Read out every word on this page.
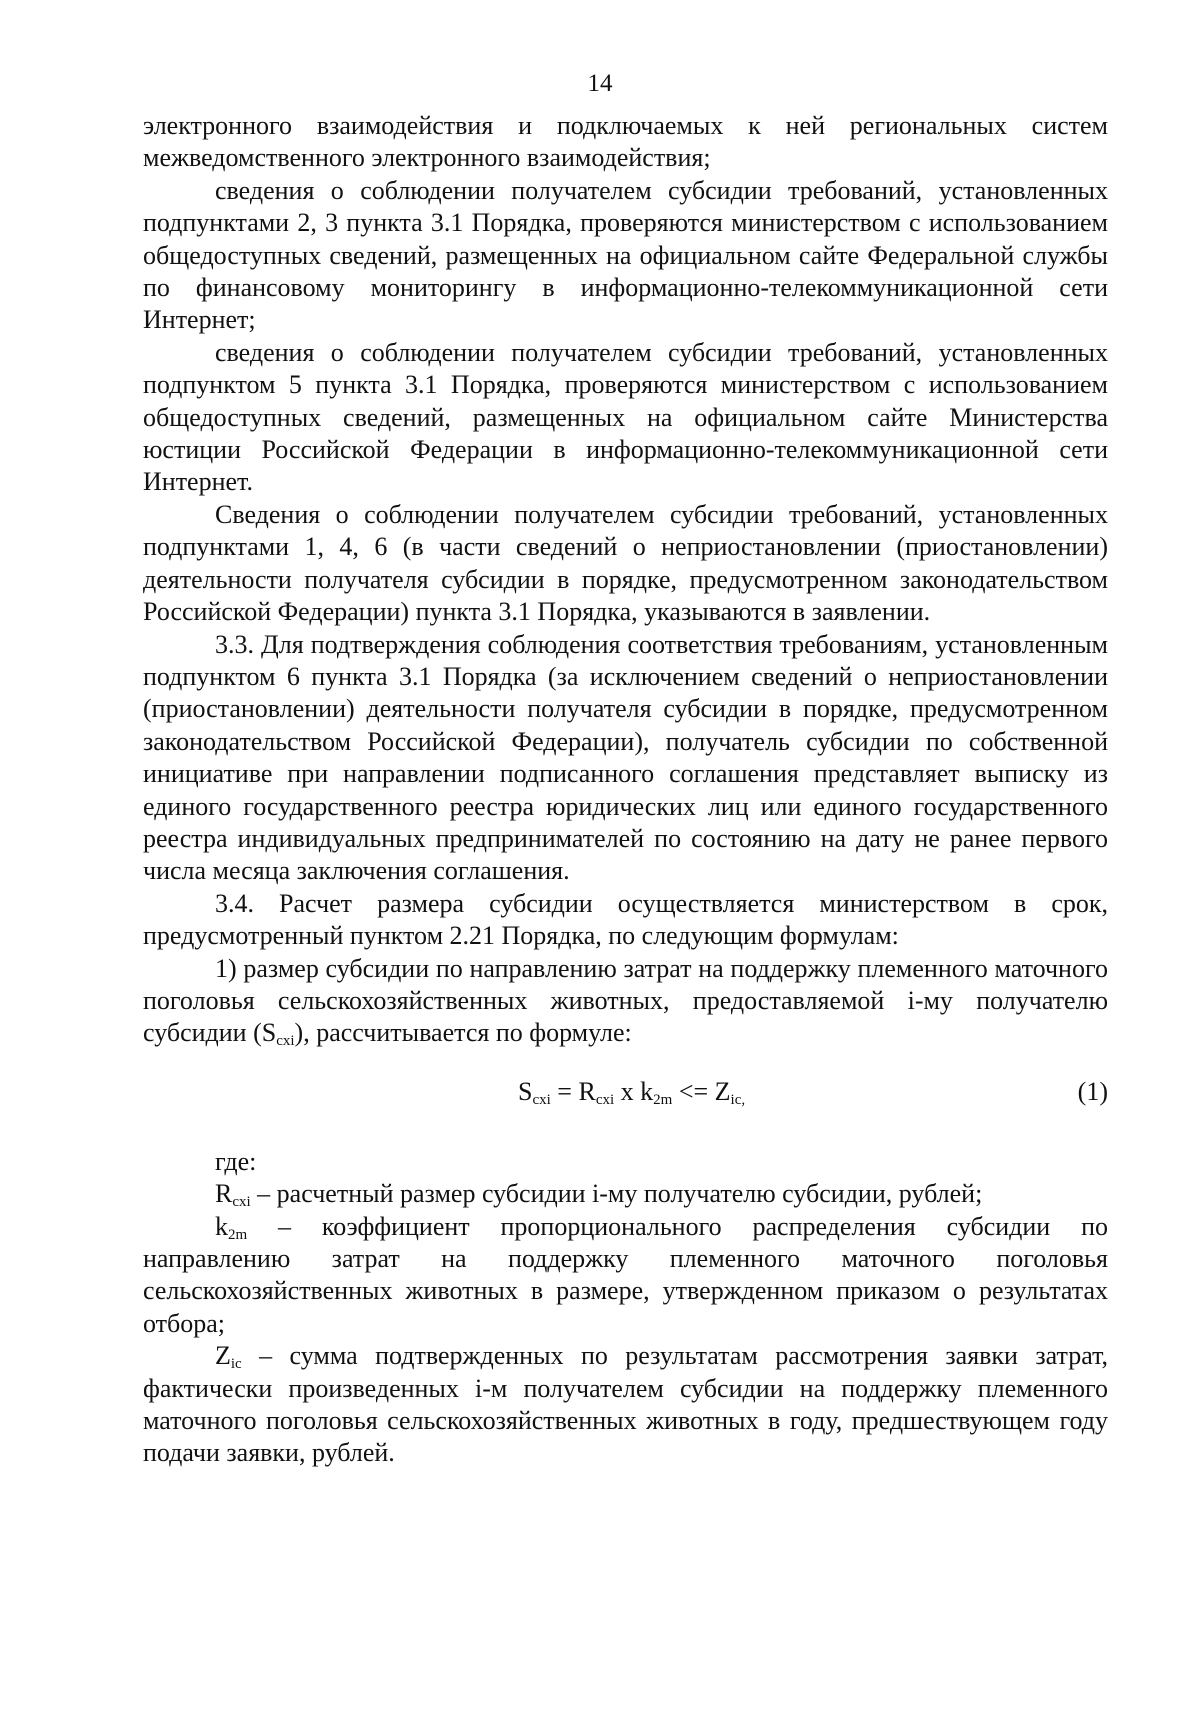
14

электронного взаимодействия и подключаемых к ней региональных систем межведомственного электронного взаимодействия;

сведения о соблюдении получателем субсидии требований, установленных подпунктами 2, 3 пункта 3.1 Порядка, проверяются министерством с использованием общедоступных сведений, размещенных на официальном сайте Федеральной службы по финансовому мониторингу в информационно-телекоммуникационной сети Интернет;

сведения о соблюдении получателем субсидии требований, установленных подпунктом 5 пункта 3.1 Порядка, проверяются министерством с использованием общедоступных сведений, размещенных на официальном сайте Министерства юстиции Российской Федерации в информационно-телекоммуникационной сети Интернет.

Сведения о соблюдении получателем субсидии требований, установленных подпунктами 1, 4, 6 (в части сведений о неприостановлении (приостановлении) деятельности получателя субсидии в порядке, предусмотренном законодательством Российской Федерации) пункта 3.1 Порядка, указываются в заявлении.

3.3. Для подтверждения соблюдения соответствия требованиям, установленным подпунктом 6 пункта 3.1 Порядка (за исключением сведений о неприостановлении (приостановлении) деятельности получателя субсидии в порядке, предусмотренном законодательством Российской Федерации), получатель субсидии по собственной инициативе при направлении подписанного соглашения представляет выписку из единого государственного реестра юридических лиц или единого государственного реестра индивидуальных предпринимателей по состоянию на дату не ранее первого числа месяца заключения соглашения.

3.4. Расчет размера субсидии осуществляется министерством в срок, предусмотренный пунктом 2.21 Порядка, по следующим формулам:

1) размер субсидии по направлению затрат на поддержку племенного маточного поголовья сельскохозяйственных животных, предоставляемой i-му получателю субсидии $(S_{cxi})$, рассчитывается по формуле:

$S_{cxi} = R_{cxi}$ x $k_{2m} <= Z_{ic,}$	(1)

где:

$R_{cxi}$ – расчетный размер субсидии i-му получателю субсидии, рублей;

$k_{2m}$ – коэффициент пропорционального распределения субсидии по направлению затрат на поддержку племенного маточного поголовья сельскохозяйственных животных в размере, утвержденном приказом о результатах отбора;

$Z_{ic}$ – сумма подтвержденных по результатам рассмотрения заявки затрат, фактически произведенных i-м получателем субсидии на поддержку племенного маточного поголовья сельскохозяйственных животных в году, предшествующем году подачи заявки, рублей.
